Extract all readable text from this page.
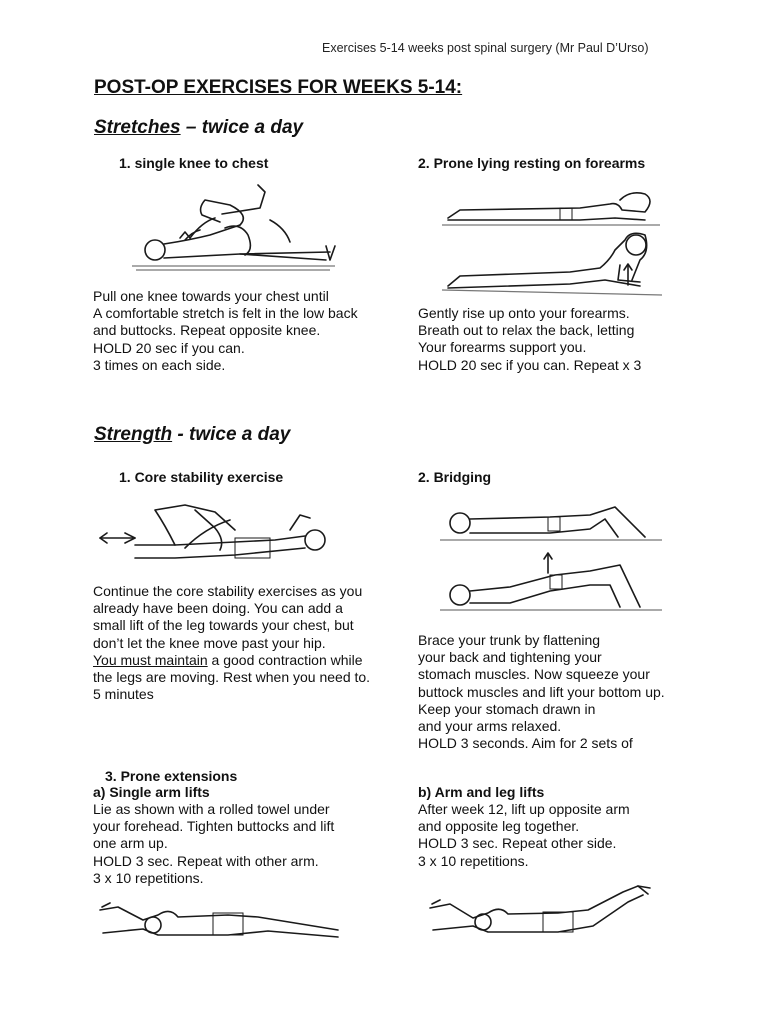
Exercises 5-14 weeks post spinal surgery (Mr Paul D’Urso)
POST-OP EXERCISES FOR WEEKS 5-14:
Stretches – twice a day
1. single knee to chest
Pull one knee towards your chest until
A comfortable stretch is felt in the low back
and buttocks. Repeat opposite knee.
HOLD 20 sec if you can.
3 times on each side.
2. Prone lying resting on forearms
Gently rise up onto your forearms.
Breath out to relax the back, letting
Your forearms support you.
HOLD 20 sec if you can. Repeat x 3
Strength - twice a day
1. Core stability exercise
Continue the core stability exercises as you
already have been doing. You can add a
small lift of the leg towards your chest, but
don’t let the knee move past your hip.
You must maintain a good contraction while
the legs are moving. Rest when you need to.
5 minutes
2. Bridging
Brace your trunk by flattening
your back and tightening your
stomach muscles. Now squeeze your
buttock muscles and lift your bottom up.
Keep your stomach drawn in
and your arms relaxed.
HOLD 3 seconds. Aim for 2 sets of
3. Prone extensions
a) Single arm lifts
Lie as shown with a rolled towel under
your forehead. Tighten buttocks and lift
one arm up.
HOLD 3 sec. Repeat with other arm.
3 x 10 repetitions.
b) Arm and leg lifts
After week 12, lift up opposite arm
and opposite leg together.
HOLD 3 sec. Repeat other side.
3 x 10 repetitions.
